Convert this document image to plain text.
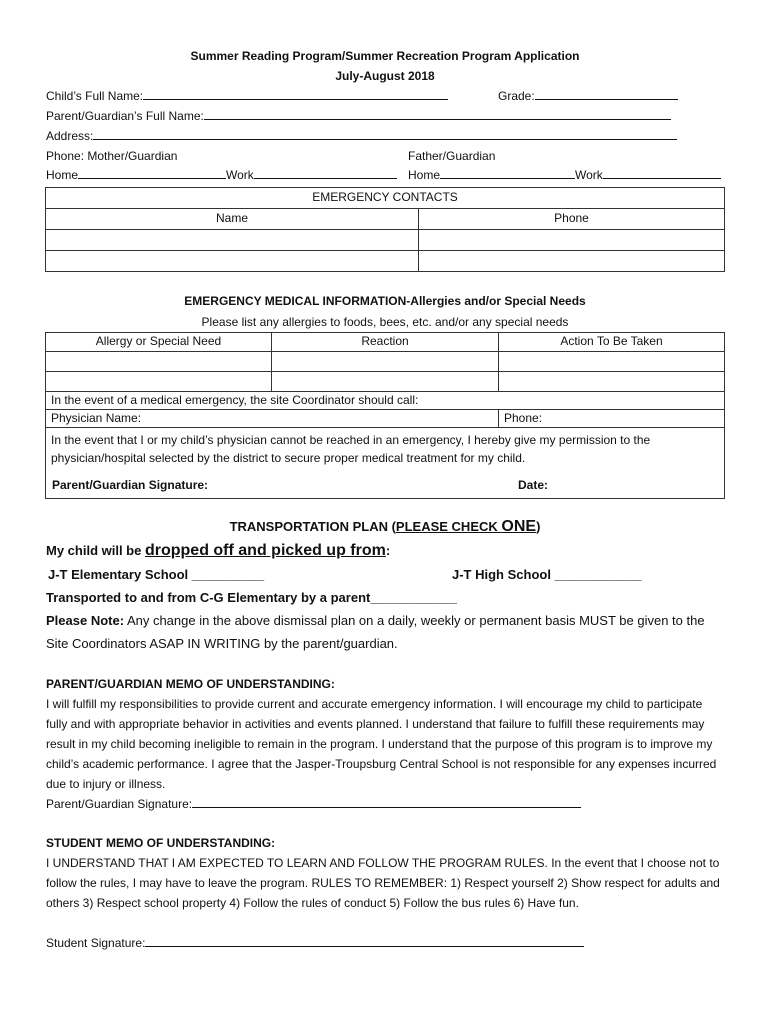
Summer Reading Program/Summer Recreation Program Application
July-August 2018
Child’s Full Name:	Grade:
Parent/Guardian’s Full Name:
Address:
Phone: Mother/Guardian	Father/Guardian
Home	Work	Home	Work
EMERGENCY CONTACTS	
Name	Phone

EMERGENCY MEDICAL INFORMATION-Allergies and/or Special Needs
Please list any allergies to foods, bees, etc. and/or any special needs
Allergy or Special Need	Reaction	Action To Be Taken

In the event of a medical emergency, the site Coordinator should call:		
Physician Name:		Phone:

In the event that I or my child’s physician cannot be reached in an emergency, I hereby give my permission to the physician/hospital selected by the district to secure proper medical treatment for my child.
Parent/Guardian Signature: Date:		
TRANSPORTATION PLAN (PLEASE CHECK ONE)
My child will be dropped off and picked up from:
J-T Elementary School __________	J-T High School ____________
Transported to and from C-G Elementary by a parent____________
Please Note: Any change in the above dismissal plan on a daily, weekly or permanent basis MUST be given to the Site Coordinators ASAP IN WRITING by the parent/guardian.
PARENT/GUARDIAN MEMO OF UNDERSTANDING:
I will fulfill my responsibilities to provide current and accurate emergency information. I will encourage my child to participate fully and with appropriate behavior in activities and events planned. I understand that failure to fulfill these requirements may result in my child becoming ineligible to remain in the program. I understand that the purpose of this program is to improve my child’s academic performance. I agree that the Jasper-Troupsburg Central School is not responsible for any expenses incurred due to injury or illness.
Parent/Guardian Signature:
STUDENT MEMO OF UNDERSTANDING:
I UNDERSTAND THAT I AM EXPECTED TO LEARN AND FOLLOW THE PROGRAM RULES. In the event that I choose not to follow the rules, I may have to leave the program. RULES TO REMEMBER: 1) Respect yourself 2) Show respect for adults and others 3) Respect school property 4) Follow the rules of conduct 5) Follow the bus rules 6) Have fun.
Student Signature:
